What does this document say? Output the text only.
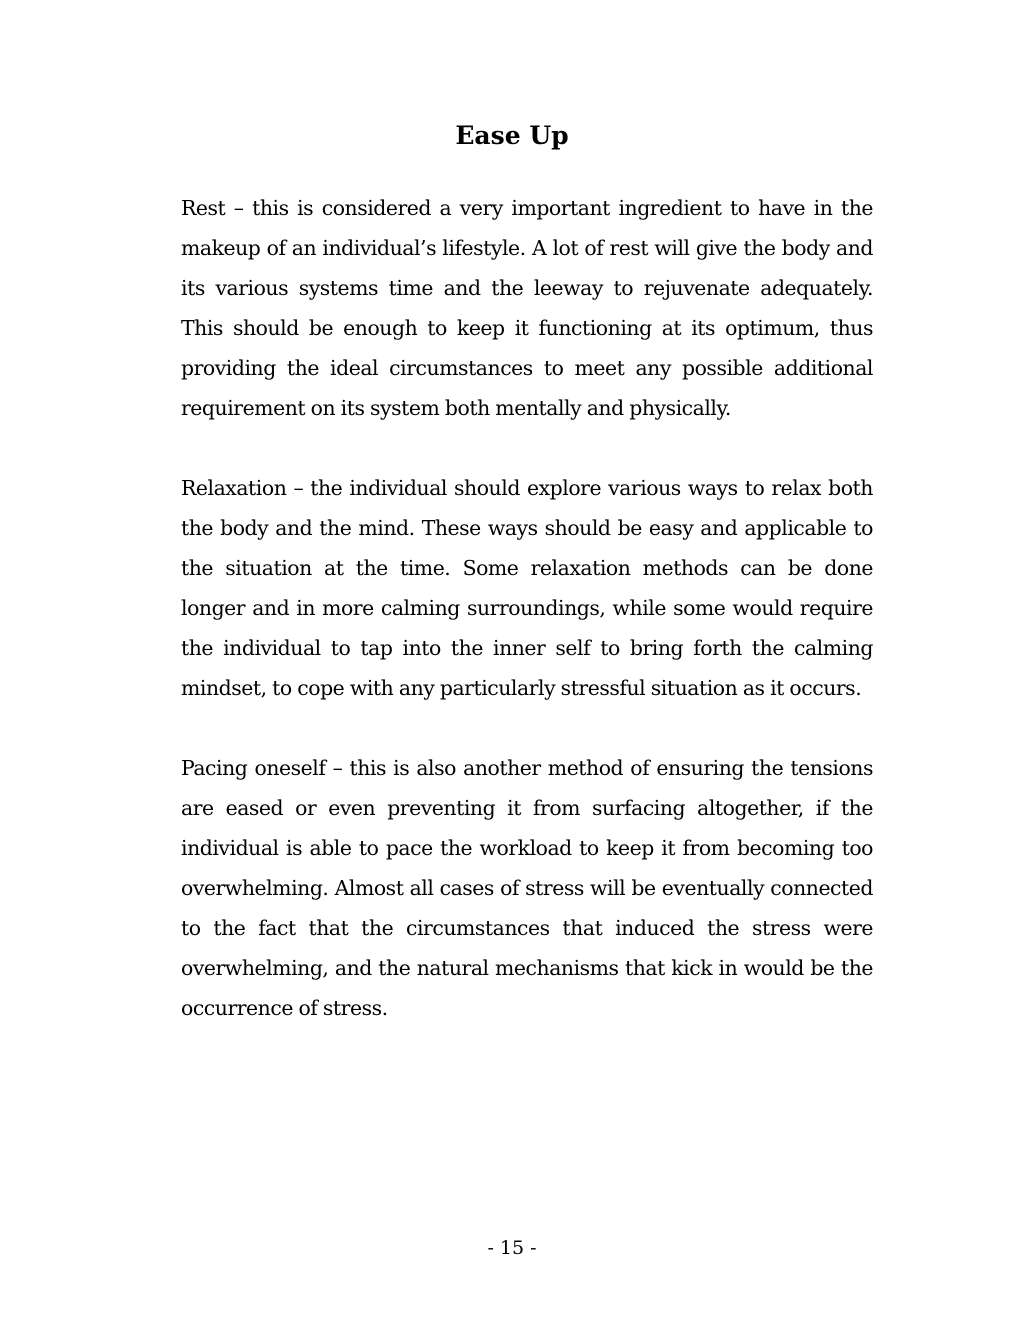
Ease Up

Rest – this is considered a very important ingredient to have in the makeup of an individual’s lifestyle. A lot of rest will give the body and its various systems time and the leeway to rejuvenate adequately. This should be enough to keep it functioning at its optimum, thus providing the ideal circumstances to meet any possible additional requirement on its system both mentally and physically.

Relaxation – the individual should explore various ways to relax both the body and the mind. These ways should be easy and applicable to the situation at the time. Some relaxation methods can be done longer and in more calming surroundings, while some would require the individual to tap into the inner self to bring forth the calming mindset, to cope with any particularly stressful situation as it occurs.

Pacing oneself – this is also another method of ensuring the tensions are eased or even preventing it from surfacing altogether, if the individual is able to pace the workload to keep it from becoming too overwhelming. Almost all cases of stress will be eventually connected to the fact that the circumstances that induced the stress were overwhelming, and the natural mechanisms that kick in would be the occurrence of stress.

- 15 -
